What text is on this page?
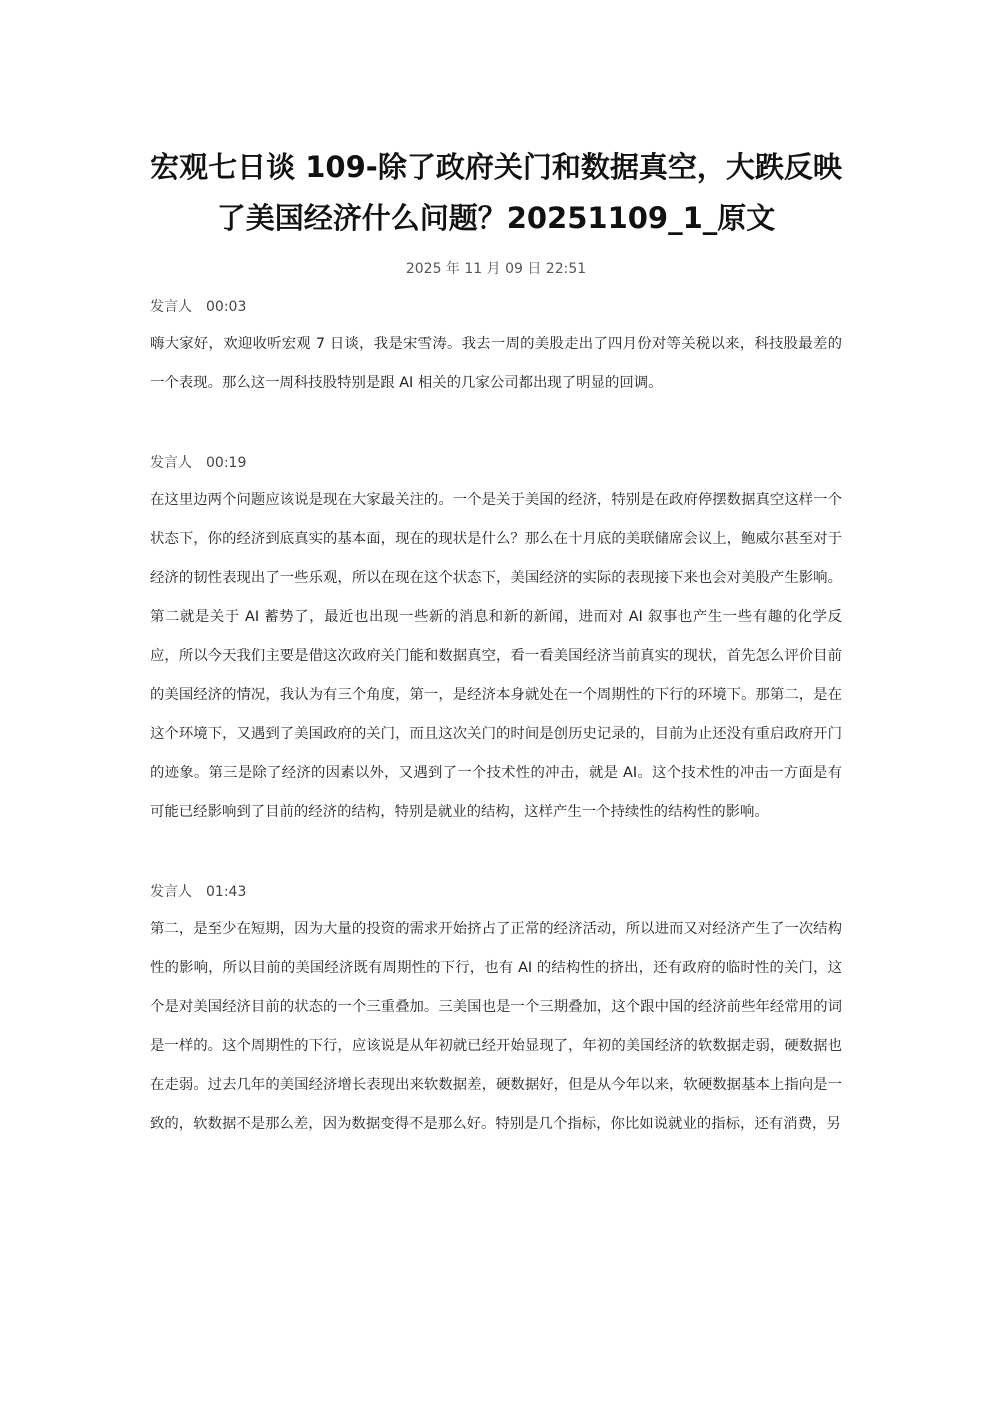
宏观七日谈 109-除了政府关门和数据真空，大跌反映了美国经济什么问题？20251109_1_原文
2025 年 11 月 09 日 22:51
发言人 00:03

嗨大家好，欢迎收听宏观 7 日谈，我是宋雪涛。我去一周的美股走出了四月份对等关税以来，科技股最差的一个表现。那么这一周科技股特别是跟 AI 相关的几家公司都出现了明显的回调。

发言人 00:19

在这里边两个问题应该说是现在大家最关注的。一个是关于美国的经济，特别是在政府停摆数据真空这样一个状态下，你的经济到底真实的基本面，现在的现状是什么？那么在十月底的美联储席会议上，鲍威尔甚至对于经济的韧性表现出了一些乐观，所以在现在这个状态下，美国经济的实际的表现接下来也会对美股产生影响。第二就是关于 AI 蓄势了，最近也出现一些新的消息和新的新闻，进而对 AI 叙事也产生一些有趣的化学反应，所以今天我们主要是借这次政府关门能和数据真空，看一看美国经济当前真实的现状，首先怎么评价目前的美国经济的情况，我认为有三个角度，第一，是经济本身就处在一个周期性的下行的环境下。那第二，是在这个环境下，又遇到了美国政府的关门，而且这次关门的时间是创历史记录的，目前为止还没有重启政府开门的迹象。第三是除了经济的因素以外，又遇到了一个技术性的冲击，就是 AI。这个技术性的冲击一方面是有可能已经影响到了目前的经济的结构，特别是就业的结构，这样产生一个持续性的结构性的影响。

发言人 01:43

第二，是至少在短期，因为大量的投资的需求开始挤占了正常的经济活动，所以进而又对经济产生了一次结构性的影响，所以目前的美国经济既有周期性的下行，也有 AI 的结构性的挤出，还有政府的临时性的关门，这个是对美国经济目前的状态的一个三重叠加。三美国也是一个三期叠加，这个跟中国的经济前些年经常用的词是一样的。这个周期性的下行，应该说是从年初就已经开始显现了，年初的美国经济的软数据走弱，硬数据也在走弱。过去几年的美国经济增长表现出来软数据差，硬数据好，但是从今年以来，软硬数据基本上指向是一致的，软数据不是那么差，因为数据变得不是那么好。特别是几个指标，你比如说就业的指标，还有消费，另
